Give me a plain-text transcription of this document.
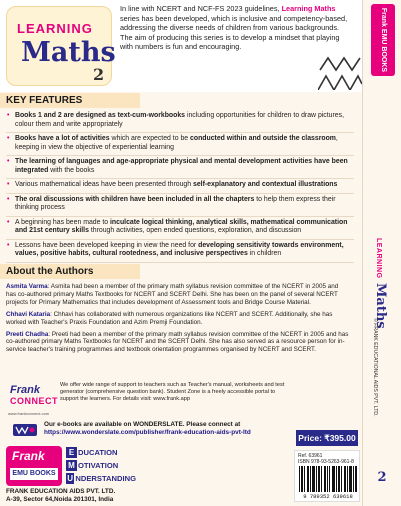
LEARNING
Maths
2

In line with NCERT and NCF-FS 2023 guidelines, Learning Maths series has been developed, which is inclusive and competency-based, addressing the diverse needs of children from various backgrounds. The aim of producing this series is to develop a mindset that playing with numbers is fun and encouraging.

KEY FEATURES
• Books 1 and 2 are designed as text-cum-workbooks including opportunities for children to draw pictures, colour them and write appropriately
• Books have a lot of activities which are expected to be conducted within and outside the classroom, keeping in view the objective of experiential learning
• The learning of languages and age-appropriate physical and mental development activities have been integrated with the books
• Various mathematical ideas have been presented through self-explanatory and contextual illustrations
• The oral discussions with children have been included in all the chapters to help them express their thinking process
• A beginning has been made to inculcate logical thinking, analytical skills, mathematical communication and 21st century skills through activities, open ended questions, exploration, and discussion
• Lessons have been developed keeping in view the need for developing sensitivity towards environment, values, positive habits, cultural rootedness, and inclusive perspectives in children
About the Authors

Asmita Varma: Asmita had been a member of the primary math syllabus revision committee of the NCERT in 2005 and has co-authored primary Maths Textbooks for NCERT and SCERT Delhi. She has been on the panel of several NCERT projects for Primary Mathematics that includes development of Assessment tools and Bridge Course Material.

Chhavi Kataria: Chhavi has collaborated with numerous organizations like NCERT and SCERT. Additionally, she has worked with Teacher's Praxis Foundation and Azim Premji Foundation.

Preeti Chadha: Preeti had been a member of the primary math syllabus revision committee of the NCERT in 2005 and has co-authored primary Maths Textbooks for NCERT and the SCERT Delhi. She has also served as a resource person for in-service teacher's training programmes and textbook orientation programmes organised by NCERT and SCERT.

Frank
CONNECT
www.frankconnect.com

We offer wide range of support to teachers such as Teacher's manual, worksheets and test generator (comprehensive question bank). Student Zone is a freely accessible portal to support the learners. For details visit: www.frank.app

Our e-books are available on WONDERSLATE. Please connect at
https://www.wonderslate.com/publisher/frank-education-aids-pvt-ltd
Frank
EMU BOOKS
E DUCATION
M OTIVATION
U NDERSTANDING
FRANK EDUCATION AIDS PVT. LTD.
A-39, Sector 64,Noida 201301, India
Price: ₹395.00
Ref. 63961
ISBN 978-93-5263-961-8
9 789352 639618
Frank EMU BOOKS
LEARNING Maths
© FRANK EDUCATIONAL AIDS PVT. LTD.
2
